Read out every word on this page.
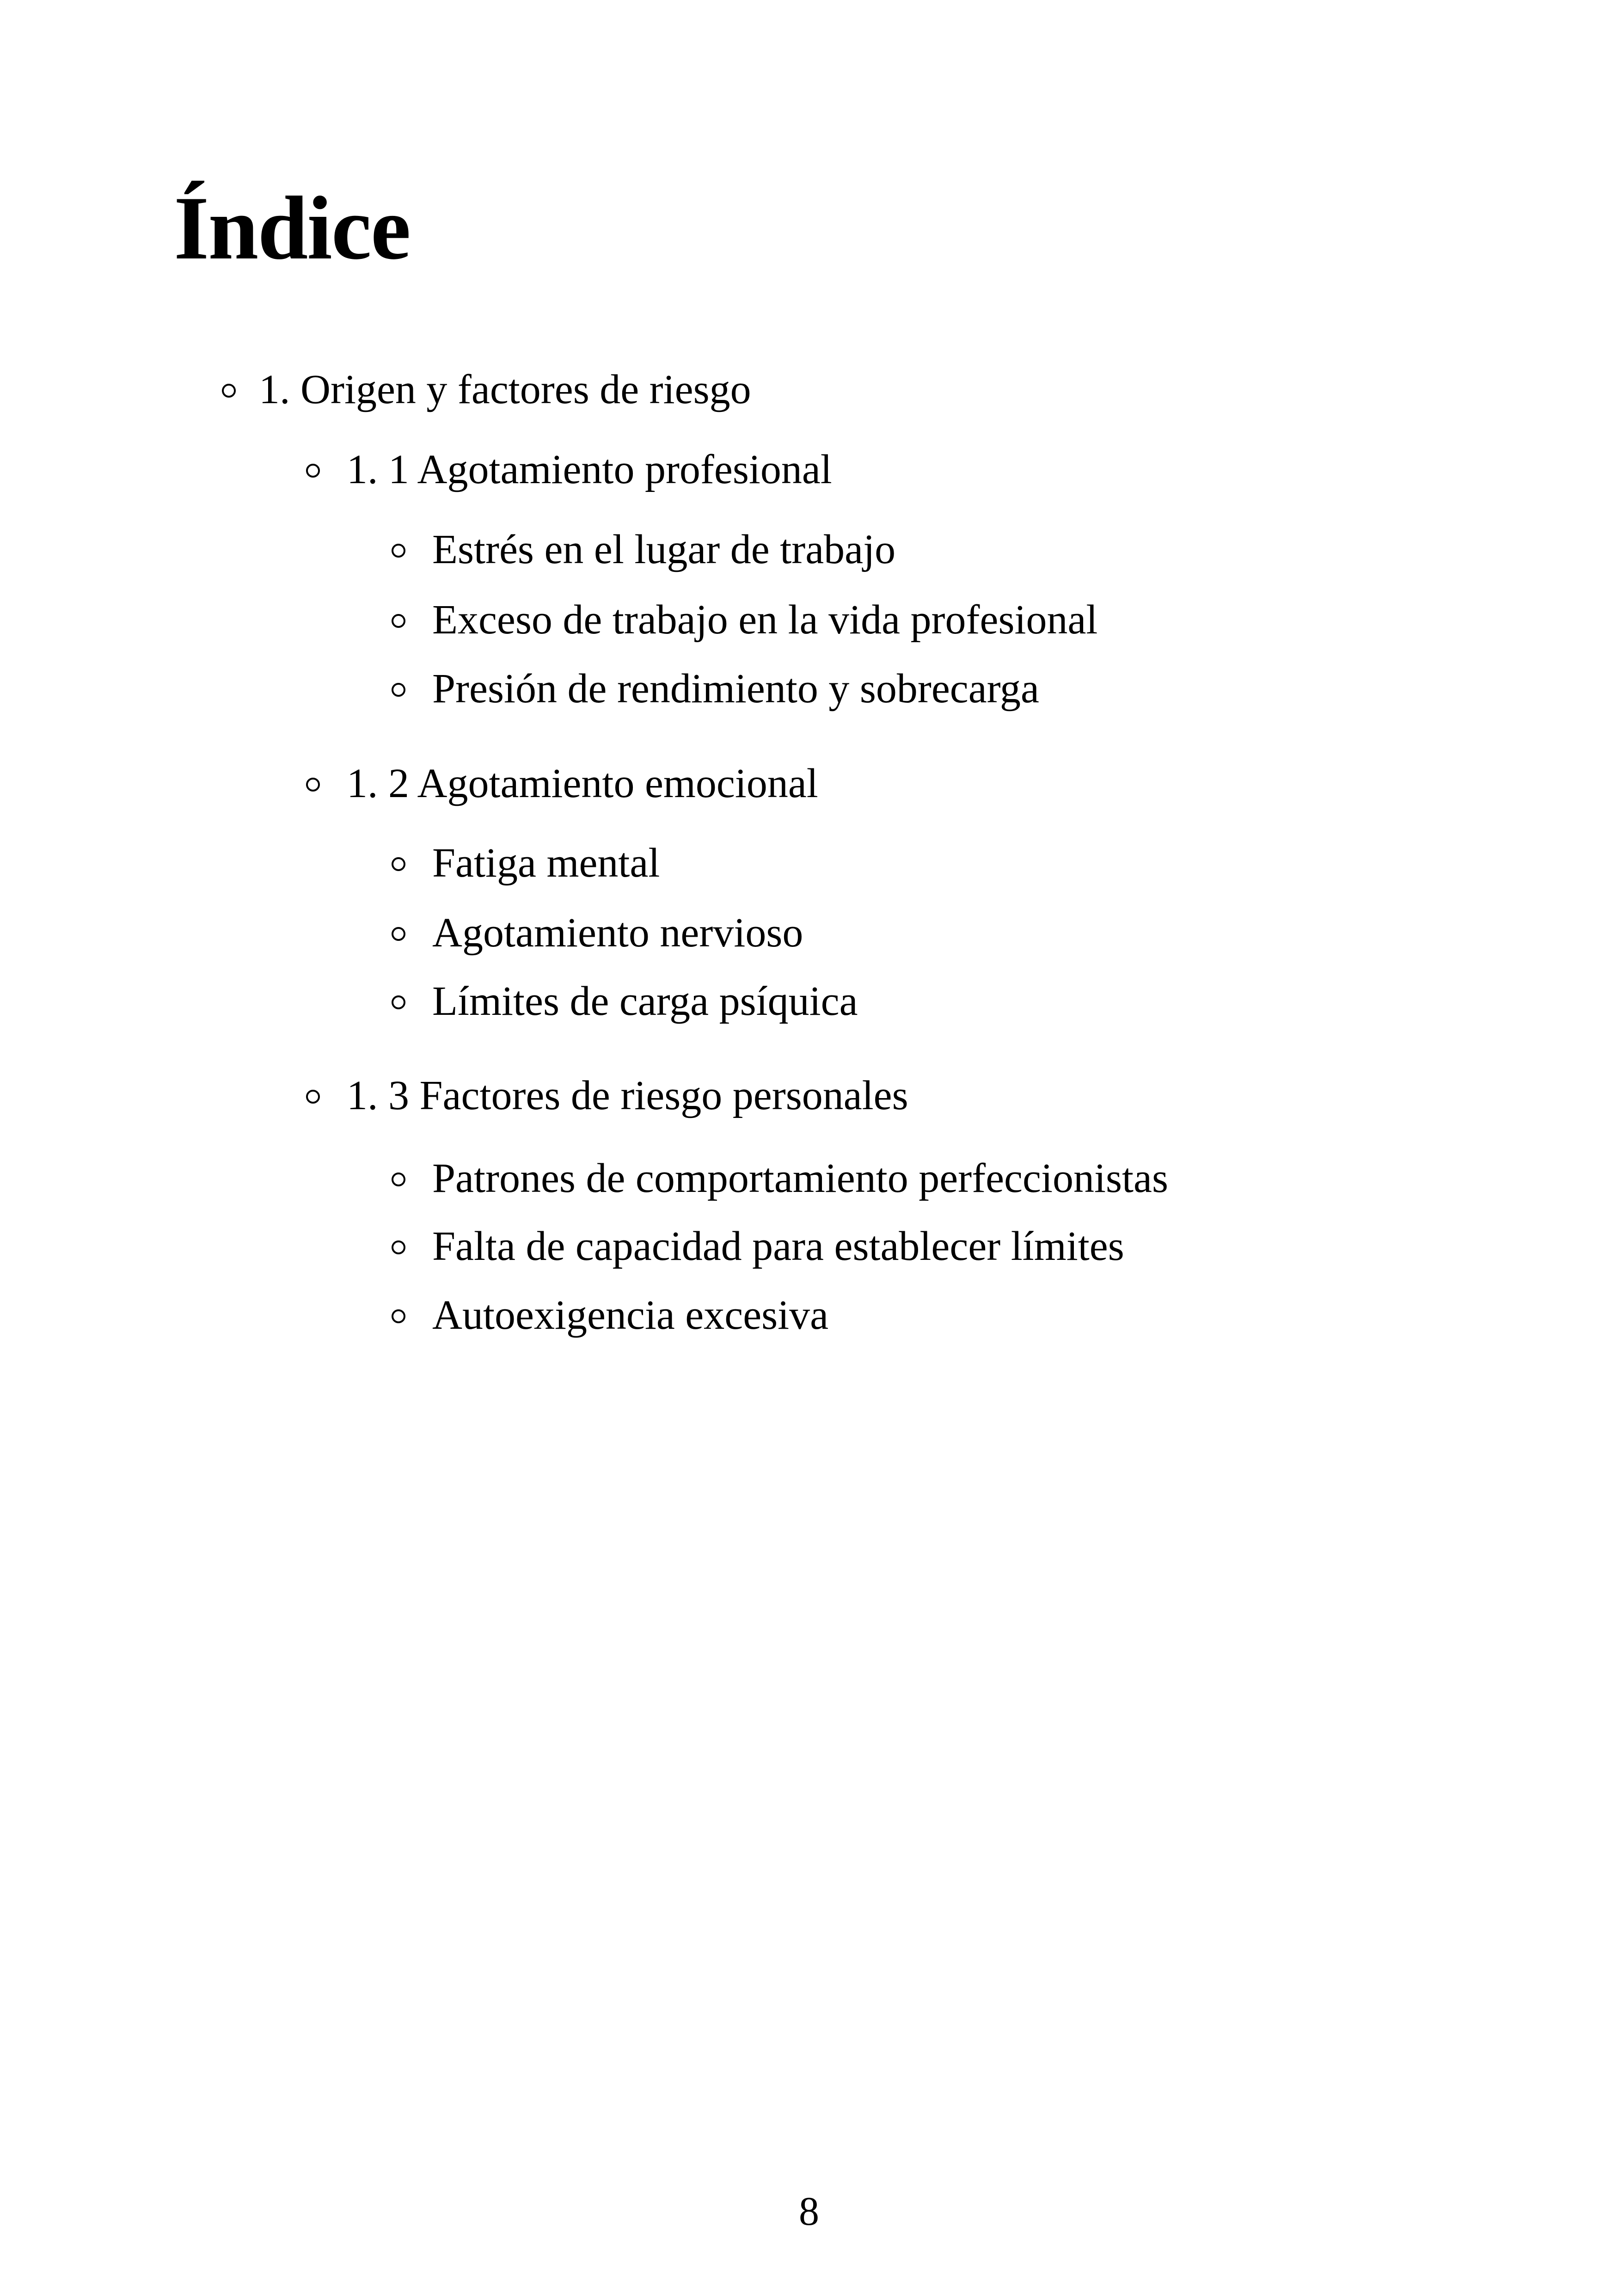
Índice
1. Origen y factores de riesgo
1. 1 Agotamiento profesional
Estrés en el lugar de trabajo
Exceso de trabajo en la vida profesional
Presión de rendimiento y sobrecarga
1. 2 Agotamiento emocional
Fatiga mental
Agotamiento nervioso
Límites de carga psíquica
1. 3 Factores de riesgo personales
Patrones de comportamiento perfeccionistas
Falta de capacidad para establecer límites
Autoexigencia excesiva
8
